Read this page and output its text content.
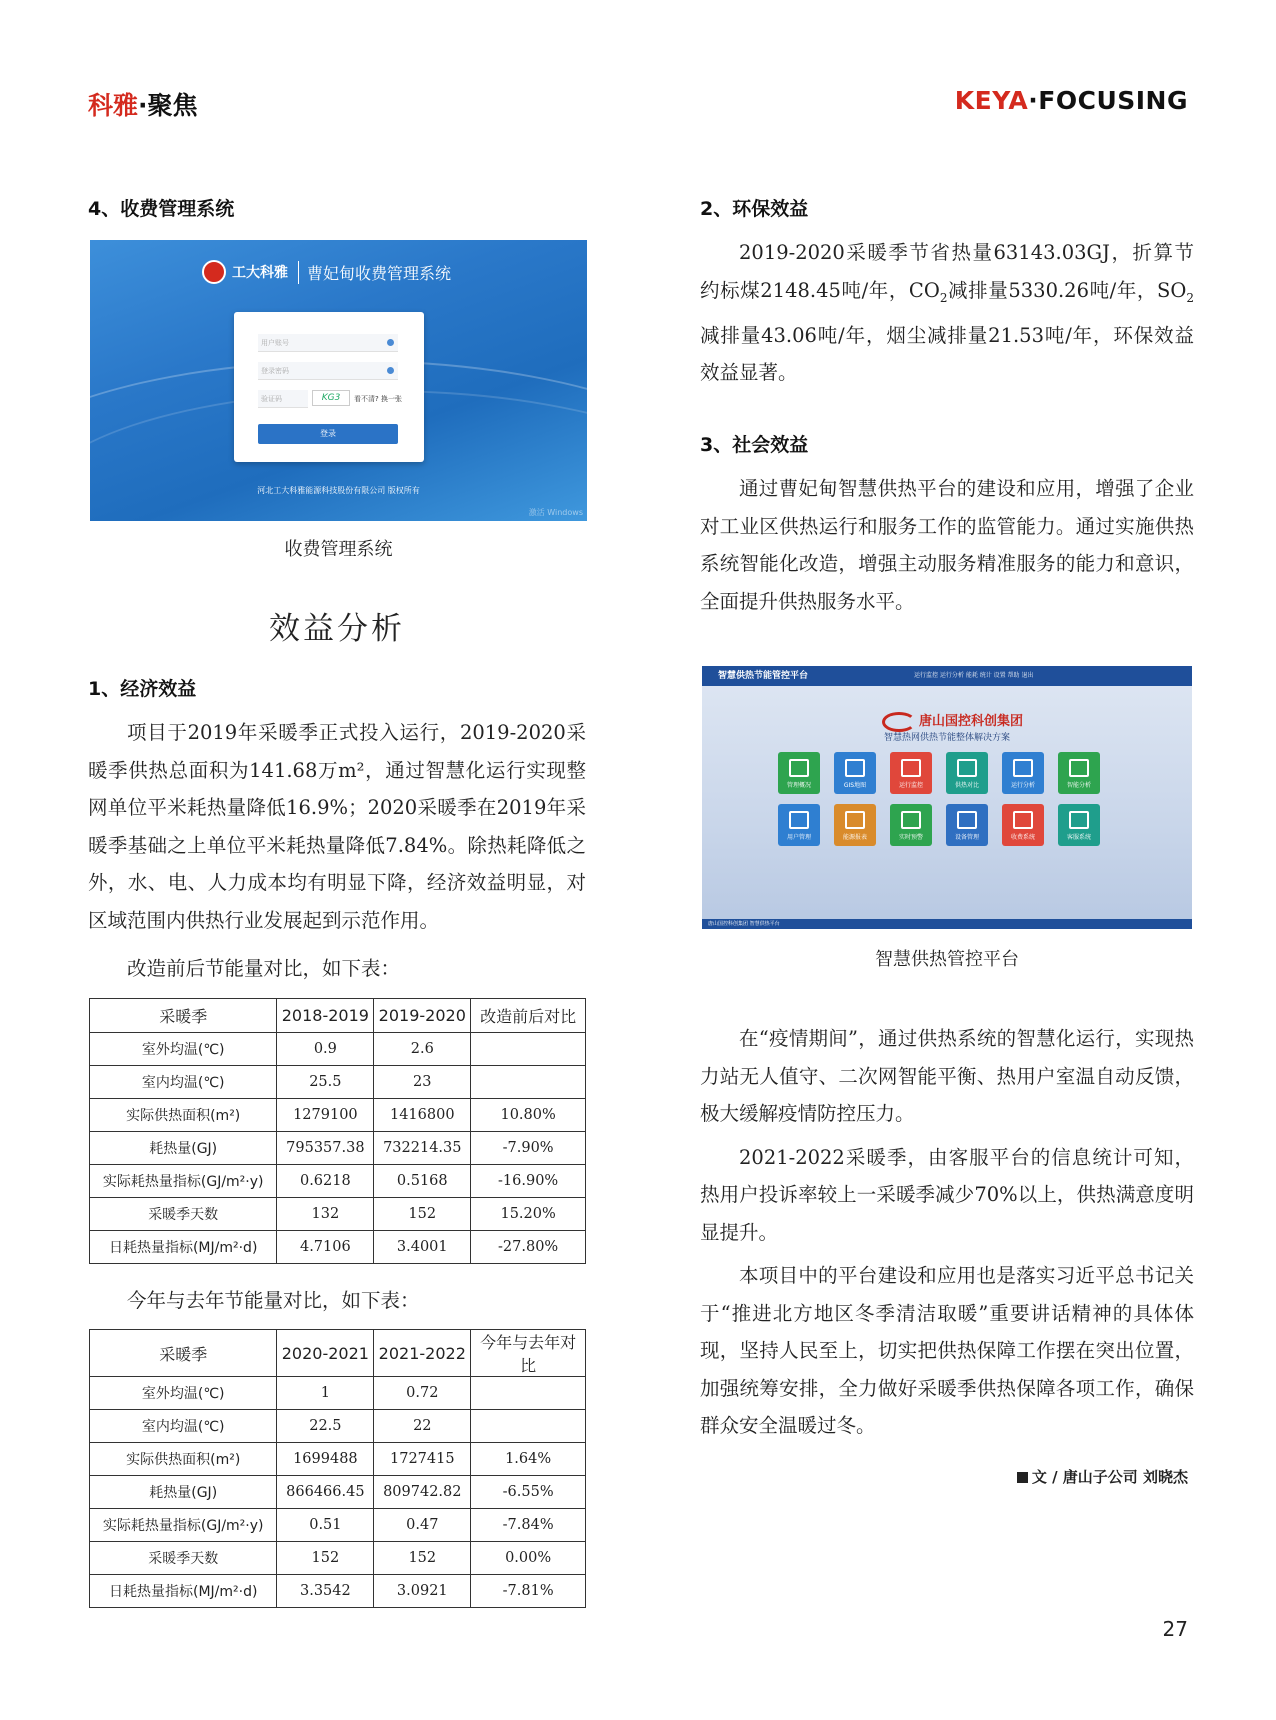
科雅·聚焦	KEYA·FOCUSING
4、收费管理系统
工大科雅	曹妃甸收费管理系统
用户账号
登录密码
验证码	KG3	看不清? 换一张
登录
河北工大科雅能源科技股份有限公司 版权所有
激活 Windows
收费管理系统
效益分析
1、经济效益

项目于2019年采暖季正式投入运行，2019-2020采暖季供热总面积为141.68万m²，通过智慧化运行实现整网单位平米耗热量降低16.9%；2020采暖季在2019年采暖季基础之上单位平米耗热量降低7.84%。除热耗降低之外，水、电、人力成本均有明显下降，经济效益明显，对区域范围内供热行业发展起到示范作用。

改造前后节能量对比，如下表：

采暖季	2018-2019	2019-2020	改造前后对比
室外均温(℃)	0.9	2.6	
室内均温(℃)	25.5	23	
实际供热面积(m²)	1279100	1416800	10.80%
耗热量(GJ)	795357.38	732214.35	-7.90%
实际耗热量指标(GJ/m²·y)	0.6218	0.5168	-16.90%
采暖季天数	132	152	15.20%
日耗热量指标(MJ/m²·d)	4.7106	3.4001	-27.80%

今年与去年节能量对比，如下表：

采暖季	2020-2021	2021-2022	今年与去年对比
室外均温(℃)	1	0.72	
室内均温(℃)	22.5	22	
实际供热面积(m²)	1699488	1727415	1.64%
耗热量(GJ)	866466.45	809742.82	-6.55%
实际耗热量指标(GJ/m²·y)	0.51	0.47	-7.84%
采暖季天数	152	152	0.00%
日耗热量指标(MJ/m²·d)	3.3542	3.0921	-7.81%
2、环保效益

2019-2020采暖季节省热量63143.03GJ，折算节约标煤2148.45吨/年，$CO_2$减排量5330.26吨/年，$SO_2$减排量43.06吨/年，烟尘减排量21.53吨/年，环保效益效益显著。

3、社会效益

通过曹妃甸智慧供热平台的建设和应用，增强了企业对工业区供热运行和服务工作的监管能力。通过实施供热系统智能化改造，增强主动服务精准服务的能力和意识，全面提升供热服务水平。

智慧供热节能管控平台	运行监控 运行分析 能耗 统计 设置 帮助 退出
唐山国控科创集团
智慧热网供热节能整体解决方案
管理概况	GIS地图	运行监控	供热对比	运行分析	智能分析
用户管理	能源报表	实时预警	设备管理	收费系统	客服系统
唐山国控科创集团 智慧供热平台
智慧供热管控平台

在“疫情期间”，通过供热系统的智慧化运行，实现热力站无人值守、二次网智能平衡、热用户室温自动反馈，极大缓解疫情防控压力。

2021-2022采暖季，由客服平台的信息统计可知，热用户投诉率较上一采暖季减少70%以上，供热满意度明显提升。

本项目中的平台建设和应用也是落实习近平总书记关于“推进北方地区冬季清洁取暖”重要讲话精神的具体体现，坚持人民至上，切实把供热保障工作摆在突出位置，加强统筹安排，全力做好采暖季供热保障各项工作，确保群众安全温暖过冬。

文 / 唐山子公司 刘晓杰
27
